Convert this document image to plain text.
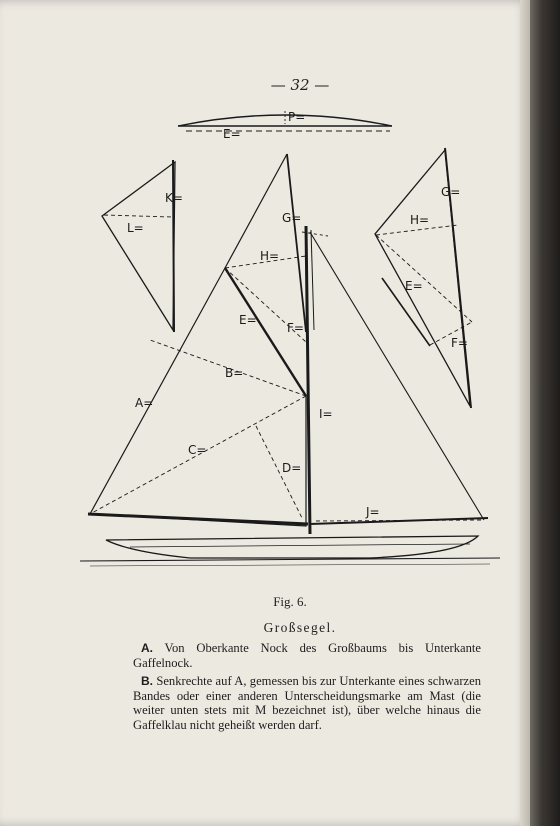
— 32 —
P=
E=
K=
L=
G=
H=
E=
F=
B=
A=
C=
D=
I=
J=
G=
H=
E=
F=
Fig. 6.
Großsegel.

A. Von Oberkante Nock des Großbaums bis Unterkante Gaffelnock.

B. Senkrechte auf A, gemessen bis zur Unterkante eines schwarzen Bandes oder einer anderen Unterscheidungsmarke am Mast (die weiter unten stets mit M bezeichnet ist), über welche hinaus die Gaffelklau nicht geheißt werden darf.
